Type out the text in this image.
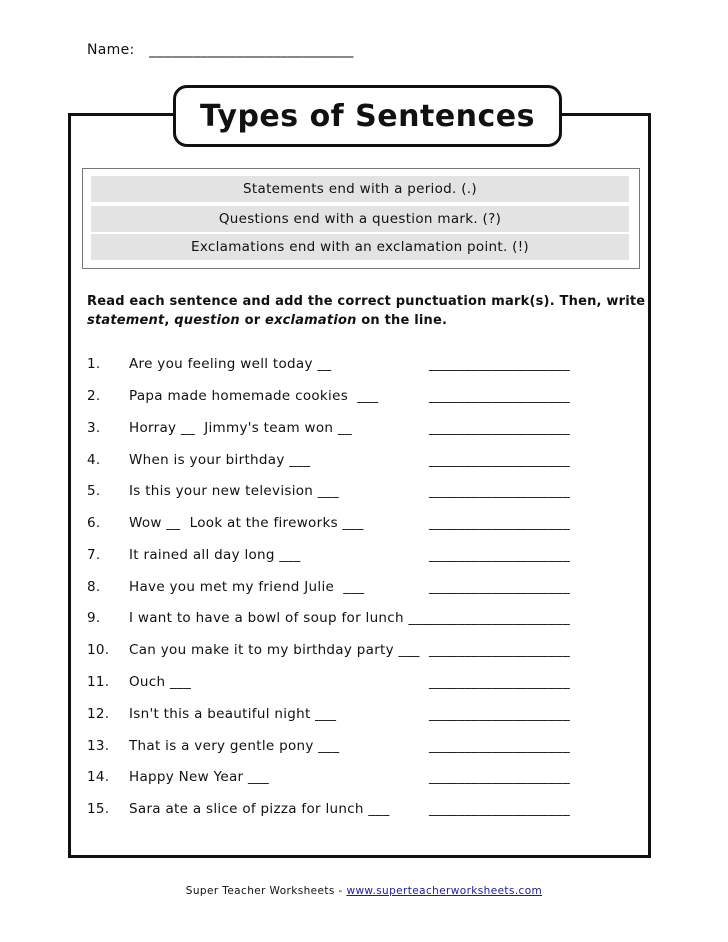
Name: ____________________________
Types of Sentences
Statements end with a period. (.)
Questions end with a question mark. (?)
Exclamations end with an exclamation point. (!)
Read each sentence and add the correct punctuation mark(s). Then, write statement, question or exclamation on the line.
1. Are you feeling well today __	____________________
2. Papa made homemade cookies  ___	____________________
3. Horray __  Jimmy's team won __	____________________
4. When is your birthday ___	____________________
5. Is this your new television ___	____________________
6. Wow __  Look at the fireworks ___	____________________
7. It rained all day long ___	____________________
8. Have you met my friend Julie  ___	____________________
9. I want to have a bowl of soup for lunch ___ ____________________
10. Can you make it to my birthday party ___ ____________________
11. Ouch ___	____________________
12. Isn't this a beautiful night ___	____________________
13. That is a very gentle pony ___	____________________
14. Happy New Year ___	____________________
15. Sara ate a slice of pizza for lunch ___	____________________
Super Teacher Worksheets - www.superteacherworksheets.com
